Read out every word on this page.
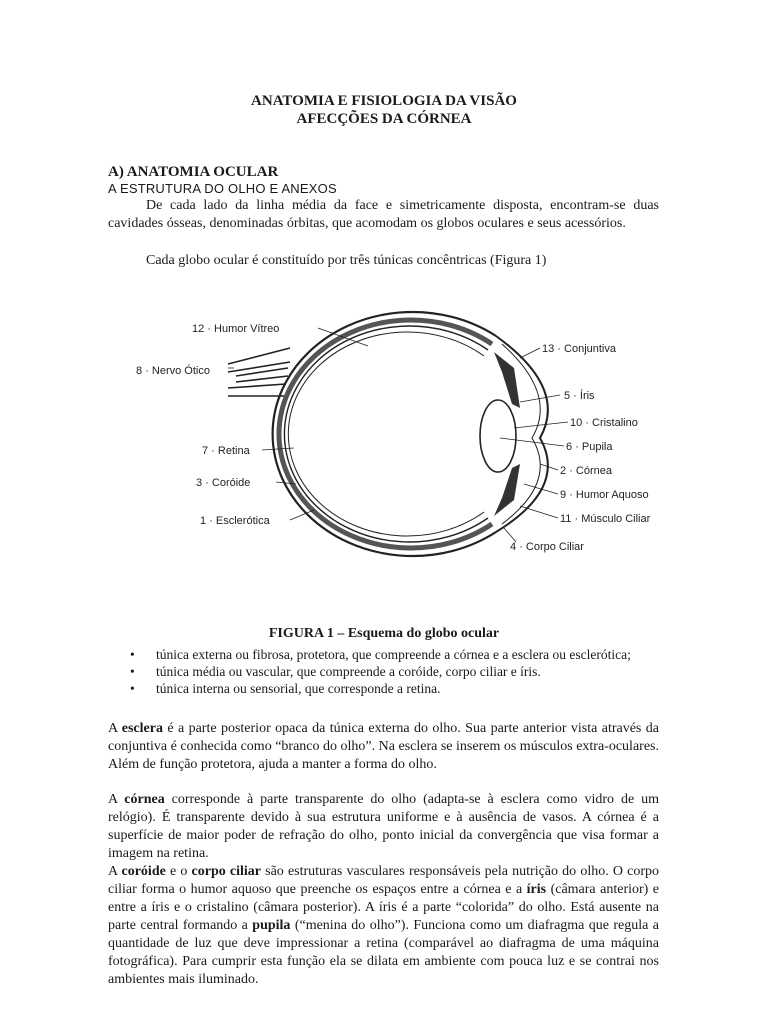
ANATOMIA E FISIOLOGIA DA VISÃO
AFECÇÕES DA CÓRNEA
A) ANATOMIA OCULAR
A ESTRUTURA DO OLHO E ANEXOS
De cada lado da linha média da face e simetricamente disposta, encontram-se duas cavidades ósseas, denominadas órbitas, que acomodam os globos oculares e seus acessórios.
Cada globo ocular é constituído por três túnicas concêntricas (Figura 1)
12 · Humor Vítreo
8 · Nervo Ótico
7 · Retina
3 · Coróide
1 · Esclerótica
13 · Conjuntiva
5 · Íris
10 · Cristalino
6 · Pupila
2 · Córnea
9 · Humor Aquoso
11 · Músculo Ciliar
4 · Corpo Ciliar
FIGURA 1 – Esquema do globo ocular
• túnica externa ou fibrosa, protetora, que compreende a córnea e a esclera ou esclerótica;
• túnica média ou vascular, que compreende a coróide, corpo ciliar e íris.
• túnica interna ou sensorial, que corresponde a retina.
A esclera é a parte posterior opaca da túnica externa do olho. Sua parte anterior vista através da conjuntiva é conhecida como “branco do olho”. Na esclera se inserem os músculos extra-oculares. Além de função protetora, ajuda a manter a forma do olho.
A córnea corresponde à parte transparente do olho (adapta-se à esclera como vidro de um relógio). É transparente devido à sua estrutura uniforme e à ausência de vasos. A córnea é a superfície de maior poder de refração do olho, ponto inicial da convergência que visa formar a imagem na retina.
A coróide e o corpo ciliar são estruturas vasculares responsáveis pela nutrição do olho. O corpo ciliar forma o humor aquoso que preenche os espaços entre a córnea e a íris (câmara anterior) e entre a íris e o cristalino (câmara posterior). A íris é a parte “colorida” do olho. Está ausente na parte central formando a pupila (“menina do olho”). Funciona como um diafragma que regula a quantidade de luz que deve impressionar a retina (comparável ao diafragma de uma máquina fotográfica). Para cumprir esta função ela se dilata em ambiente com pouca luz e se contrai nos ambientes mais iluminado.
